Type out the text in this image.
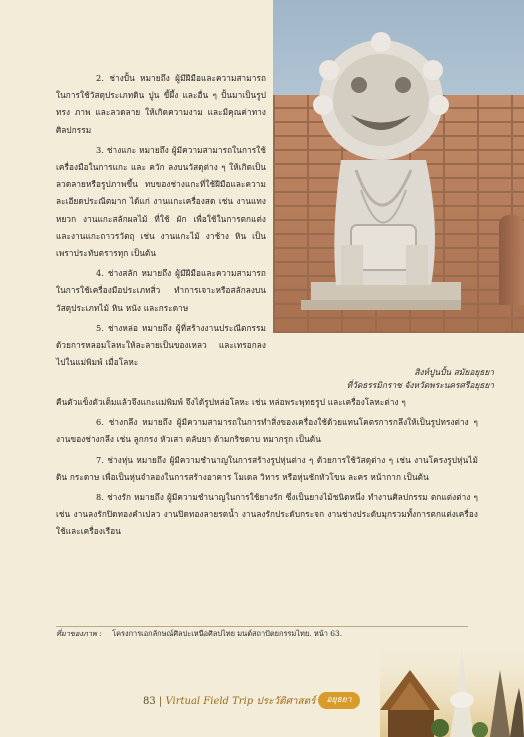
สิงห์ปูนปั้น สมัยอยุธยา
ที่วัดธรรมิกราช จังหวัดพระนครศรีอยุธยา

2. ช่างปั้น หมายถึง ผู้มีฝีมือและความสามารถในการใช้วัสดุประเภทดิน ปูน ขี้ผึ้ง และอื่น ๆ ปั้นมาเป็นรูปทรง ภาพ และลวดลาย ให้เกิดความงาม และมีคุณค่าทางศิลปกรรม

3. ช่างแกะ หมายถึง ผู้มีความสามารถในการใช้เครื่องมือในการแกะ และ ควัก ลงบนวัสดุต่าง ๆ ให้เกิดเป็นลวดลายหรือรูปภาพขึ้น ทบของช่างแกะที่ใช้ฝีมือและความละเอียดประณีตมาก ได้แก่ งานแกะเครื่องสด เช่น งานแทงหยวก งานแกะสลักผลไม้ ที่ใช้ ผัก เพื่อใช้ในการตกแต่ง และงานแกะถาวรวัตถุ เช่น งานแกะไม้ งาช้าง หิน เป็นเพราประทับตรารทุก เป็นต้น

4. ช่างสลัก หมายถึง ผู้มีฝีมือและความสามารถในการใช้เครื่องมือประเภทสิ่ว ทำการเจาะหรือสลักลงบนวัสดุประเภทไม้ หิน หนัง และกระดาษ

5. ช่างหล่อ หมายถึง ผู้ที่สร้างงานประณีตกรรมด้วยการหลอมโลหะให้ละลายเป็นของเหลว และเทรอกลงไปในแม่พิมพ์ เมื่อโลหะ

คืนตัวแข็งตัวเต็มแล้วจึงแกะแม่พิมพ์ จึงได้รูปหล่อโลหะ เช่น หล่อพระพุทธรูป และเครื่องโลหะต่าง ๆ

6. ช่างกลึง หมายถึง ผู้มีความสามารถในการทำสิ่งของเครื่องใช้ด้วยแทนโคตรการกลึงให้เป็นรูปทรงต่าง ๆ งานของช่างกลึง เช่น ลูกกรง หัวเสา ตลับยา ด้ามกริชดาบ หมากรุก เป็นต้น

7. ช่างหุ่น หมายถึง ผู้มีความชำนาญในการสร้างรูปหุ่นต่าง ๆ ด้วยการใช้วัสดุต่าง ๆ เช่น งานโครงรูปหุ่นไม้ ดิน กระดาษ เพื่อเป็นหุ่นจำลองในการสร้างอาคาร โมเดล วิหาร หรือหุ่นชักหัวโขน ละคร หน้ากาก เป็นต้น

8. ช่างรัก หมายถึง ผู้มีความชำนาญในการใช้ยางรัก ซึ่งเป็นยางไม้ชนิดหนึ่ง ทำงานศิลปกรรม ตกแต่งต่าง ๆ เช่น งานลงรักปิดทองคำเปลว งานปิดทองลายรดน้ำ งานลงรักประดับกระจก งานช่างประดับมุกรวมทั้งการตกแต่งเครื่องใช้และเครื่องเรือน

ที่มาของภาพ : โครงการเอกลักษณ์ศิลปะเหนือศิลปไทย มนต์สถาปัตยกรรมไทย. หน้า 63.
83 | Virtual Field Trip ประวัติศาสตร์	อยุธยา
